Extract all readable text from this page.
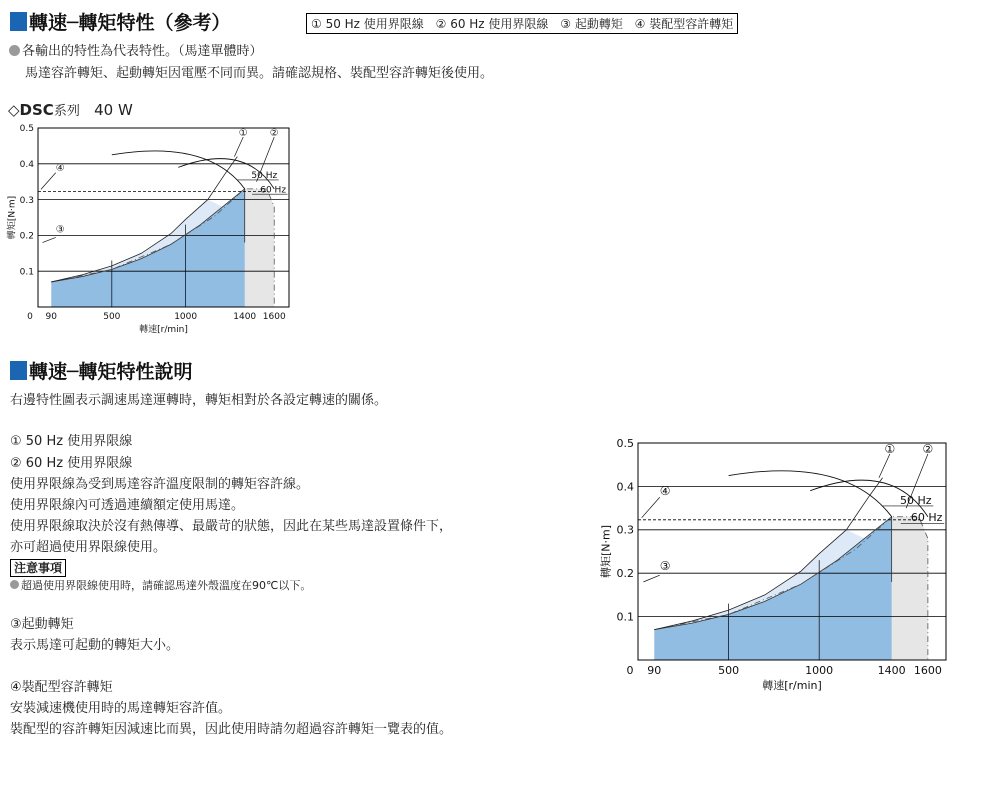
轉速─轉矩特性（參考）	① 50 Hz 使用界限線 ② 60 Hz 使用界限線 ③ 起動轉矩 ④ 裝配型容許轉矩
各輸出的特性為代表特性。（馬達單體時）
馬達容許轉矩、起動轉矩因電壓不同而異。請確認規格、裝配型容許轉矩後使用。
◇DSC系列 40 W
0.1
0.2
0.3
0.4
0.5
0 90	500	1000	1400 1600
轉速[r/min]
轉矩[N·m]
① ②
③
④
50 Hz
60 Hz
轉速─轉矩特性說明
右邊特性圖表示調速馬達運轉時，轉矩相對於各設定轉速的關係。
① 50 Hz 使用界限線
② 60 Hz 使用界限線
使用界限線為受到馬達容許溫度限制的轉矩容許線。
使用界限線內可透過連續額定使用馬達。
使用界限線取決於沒有熱傳導、最嚴苛的狀態，因此在某些馬達設置條件下，
亦可超過使用界限線使用。
注意事項
超過使用界限線使用時，請確認馬達外殼溫度在90℃以下。
③起動轉矩
表示馬達可起動的轉矩大小。
④裝配型容許轉矩
安裝減速機使用時的馬達轉矩容許值。
裝配型的容許轉矩因減速比而異，因此使用時請勿超過容許轉矩一覽表的值。
0.1
0.2
0.3
0.4
0.5
0 90	500	1000	1400 1600
轉速[r/min]
轉矩[N·m]
① ②
③
④
50 Hz
60 Hz
